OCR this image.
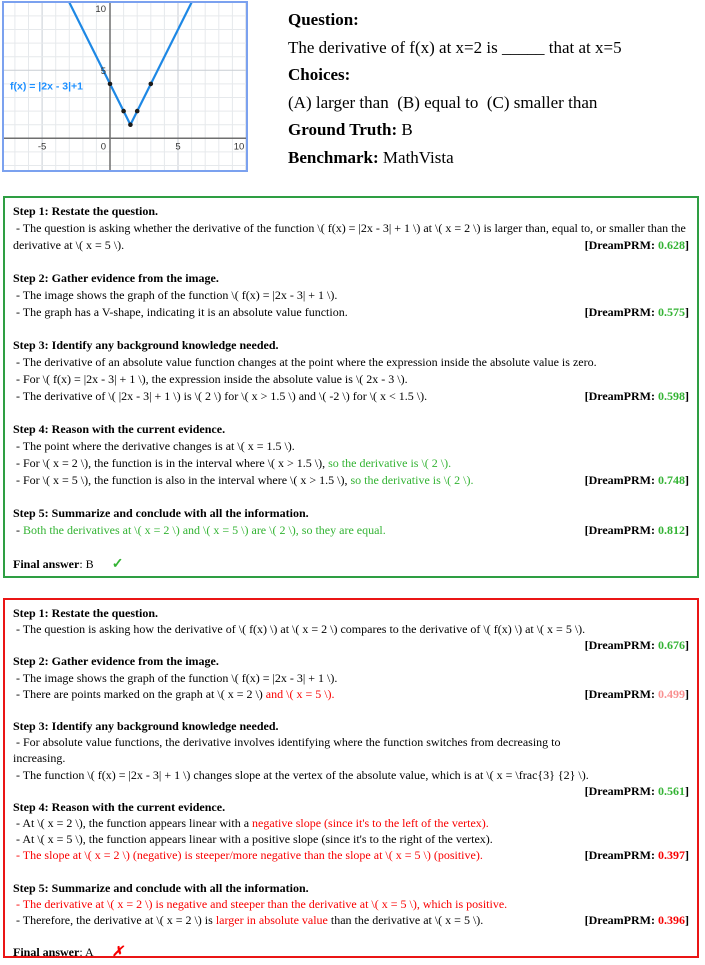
-5	0	5	10
5
10
f(x) = |2x - 3|+1
Question:
The derivative of f(x) at x=2 is _____ that at x=5
Choices:
(A) larger than  (B) equal to  (C) smaller than
Ground Truth: B
Benchmark: MathVista
Step 1: Restate the question.
- The question is asking whether the derivative of the function \( f(x) = |2x - 3| + 1 \) at \( x = 2 \) is larger than, equal to, or smaller than the derivative at \( x = 5 \).	[DreamPRM: 0.628]
Step 2: Gather evidence from the image.
- The image shows the graph of the function \( f(x) = |2x - 3| + 1 \).
- The graph has a V-shape, indicating it is an absolute value function.	[DreamPRM: 0.575]
Step 3: Identify any background knowledge needed.
- The derivative of an absolute value function changes at the point where the expression inside the absolute value is zero.
- For \( f(x) = |2x - 3| + 1 \), the expression inside the absolute value is \( 2x - 3 \).
- The derivative of \( |2x - 3| + 1 \) is \( 2 \) for \( x > 1.5 \) and \( -2 \) for \( x < 1.5 \).	[DreamPRM: 0.598]
Step 4: Reason with the current evidence.
- The point where the derivative changes is at \( x = 1.5 \).
- For \( x = 2 \), the function is in the interval where \( x > 1.5 \), so the derivative is \( 2 \).
- For \( x = 5 \), the function is also in the interval where \( x > 1.5 \), so the derivative is \( 2 \).	[DreamPRM: 0.748]
Step 5: Summarize and conclude with all the information.
- Both the derivatives at \( x = 2 \) and \( x = 5 \) are \( 2 \), so they are equal.	[DreamPRM: 0.812]
Final answer: B ✓
Step 1: Restate the question.
- The question is asking how the derivative of \( f(x) \) at \( x = 2 \) compares to the derivative of \( f(x) \) at \( x = 5 \).

[DreamPRM: 0.676]
Step 2: Gather evidence from the image.
- The image shows the graph of the function \( f(x) = |2x - 3| + 1 \).
- There are points marked on the graph at \( x = 2 \) and \( x = 5 \).	[DreamPRM: 0.499]
Step 3: Identify any background knowledge needed.
- For absolute value functions, the derivative involves identifying where the function switches from decreasing to
increasing.
- The function \( f(x) = |2x - 3| + 1 \) changes slope at the vertex of the absolute value, which is at \( x = \frac{3} {2} \).

[DreamPRM: 0.561]
Step 4: Reason with the current evidence.
- At \( x = 2 \), the function appears linear with a negative slope (since it's to the left of the vertex).
- At \( x = 5 \), the function appears linear with a positive slope (since it's to the right of the vertex).
- The slope at \( x = 2 \) (negative) is steeper/more negative than the slope at \( x = 5 \) (positive).	[DreamPRM: 0.397]
Step 5: Summarize and conclude with all the information.
- The derivative at \( x = 2 \) is negative and steeper than the derivative at \( x = 5 \), which is positive.
- Therefore, the derivative at \( x = 2 \) is larger in absolute value than the derivative at \( x = 5 \).	[DreamPRM: 0.396]
Final answer: A ✗
